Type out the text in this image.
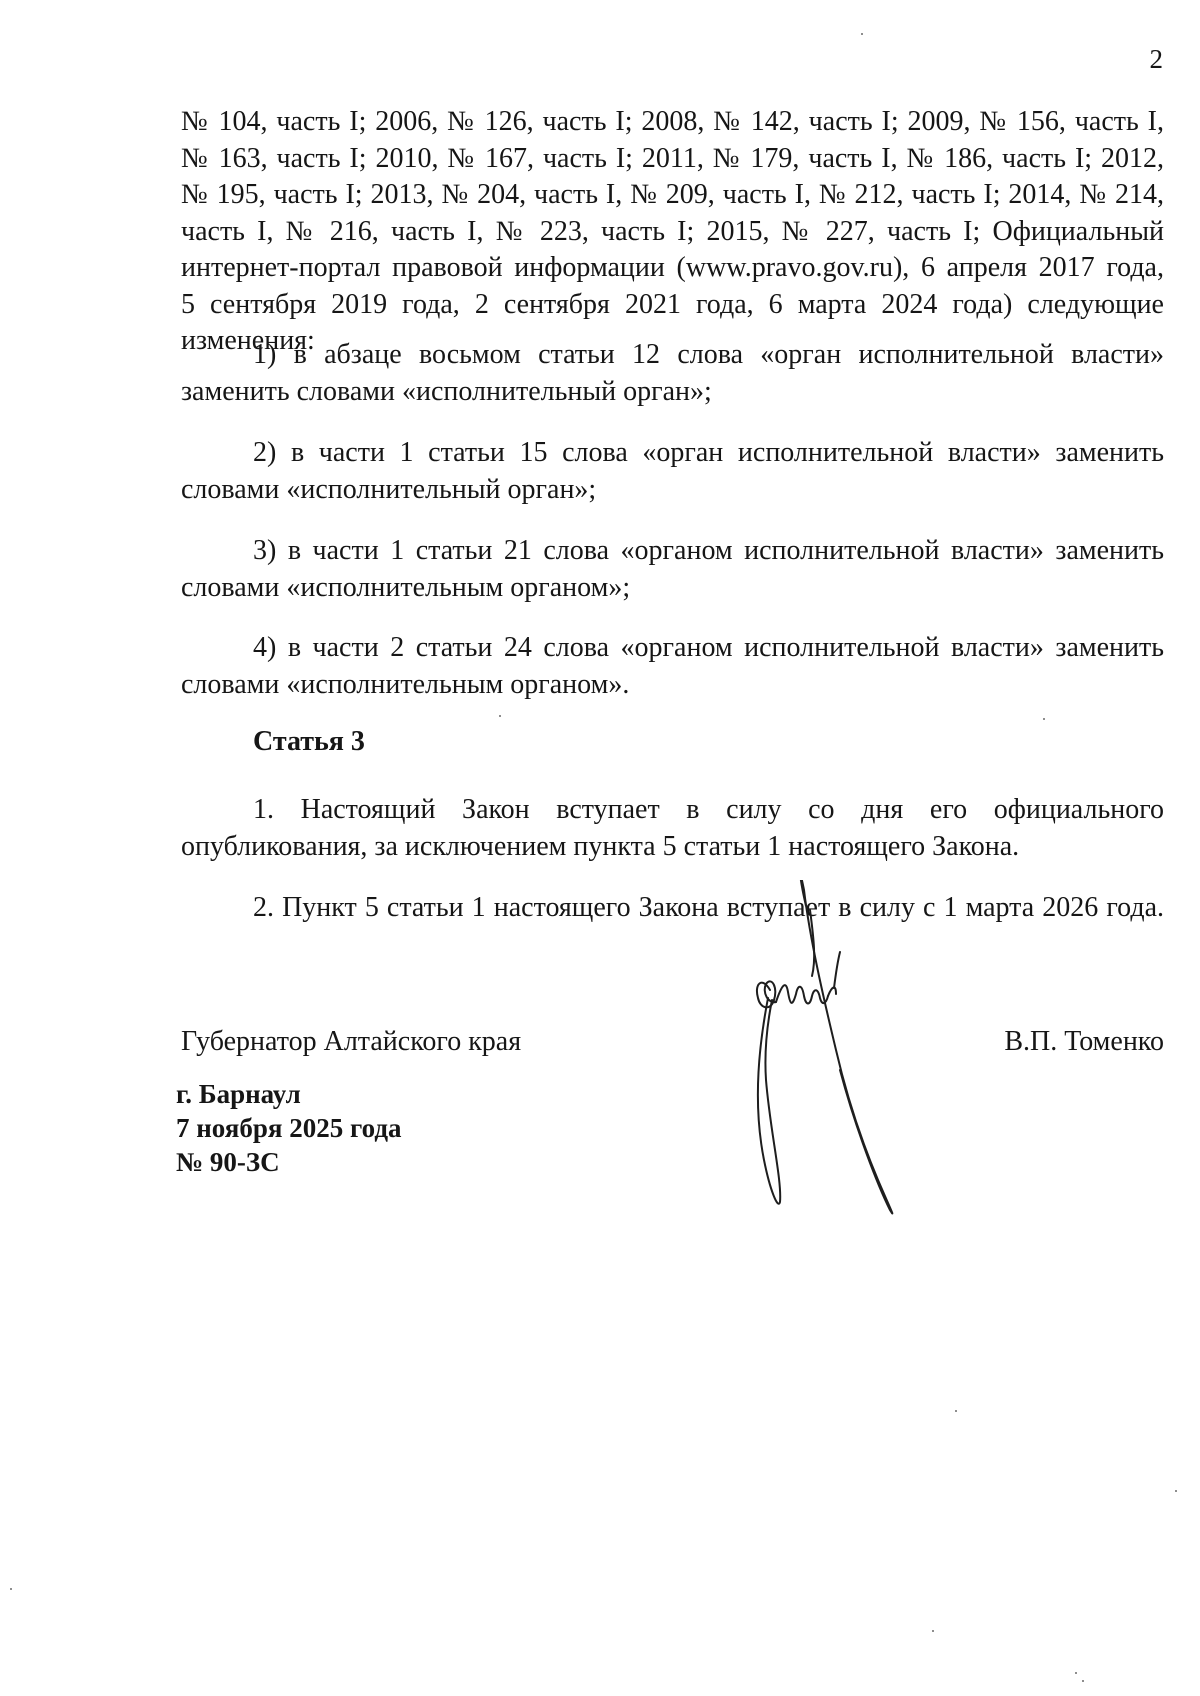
2
№ 104, часть I; 2006, № 126, часть I; 2008, № 142, часть I; 2009, № 156, часть I,
№ 163, часть I; 2010, № 167, часть I; 2011, № 179, часть I, № 186, часть I; 2012,
№ 195, часть I; 2013, № 204, часть I, № 209, часть I, № 212, часть I; 2014, № 214,
часть I, № 216, часть I, № 223, часть I; 2015, № 227, часть I; Официальный
интернет-портал правовой информации (www.pravo.gov.ru), 6 апреля 2017 года,
5 сентября 2019 года, 2 сентября 2021 года, 6 марта 2024 года) следующие
изменения:
1) в абзаце восьмом статьи 12 слова «орган исполнительной власти»
заменить словами «исполнительный орган»;
2) в части 1 статьи 15 слова «орган исполнительной власти» заменить
словами «исполнительный орган»;
3) в части 1 статьи 21 слова «органом исполнительной власти» заменить
словами «исполнительным органом»;
4) в части 2 статьи 24 слова «органом исполнительной власти» заменить
словами «исполнительным органом».
Статья 3
1. Настоящий Закон вступает в силу со дня его официального
опубликования, за исключением пункта 5 статьи 1 настоящего Закона.
2. Пункт 5 статьи 1 настоящего Закона вступает в силу с 1 марта 2026 года.
Губернатор Алтайского края	В.П. Томенко
г. Барнаул
7 ноября 2025 года
№ 90-ЗС
